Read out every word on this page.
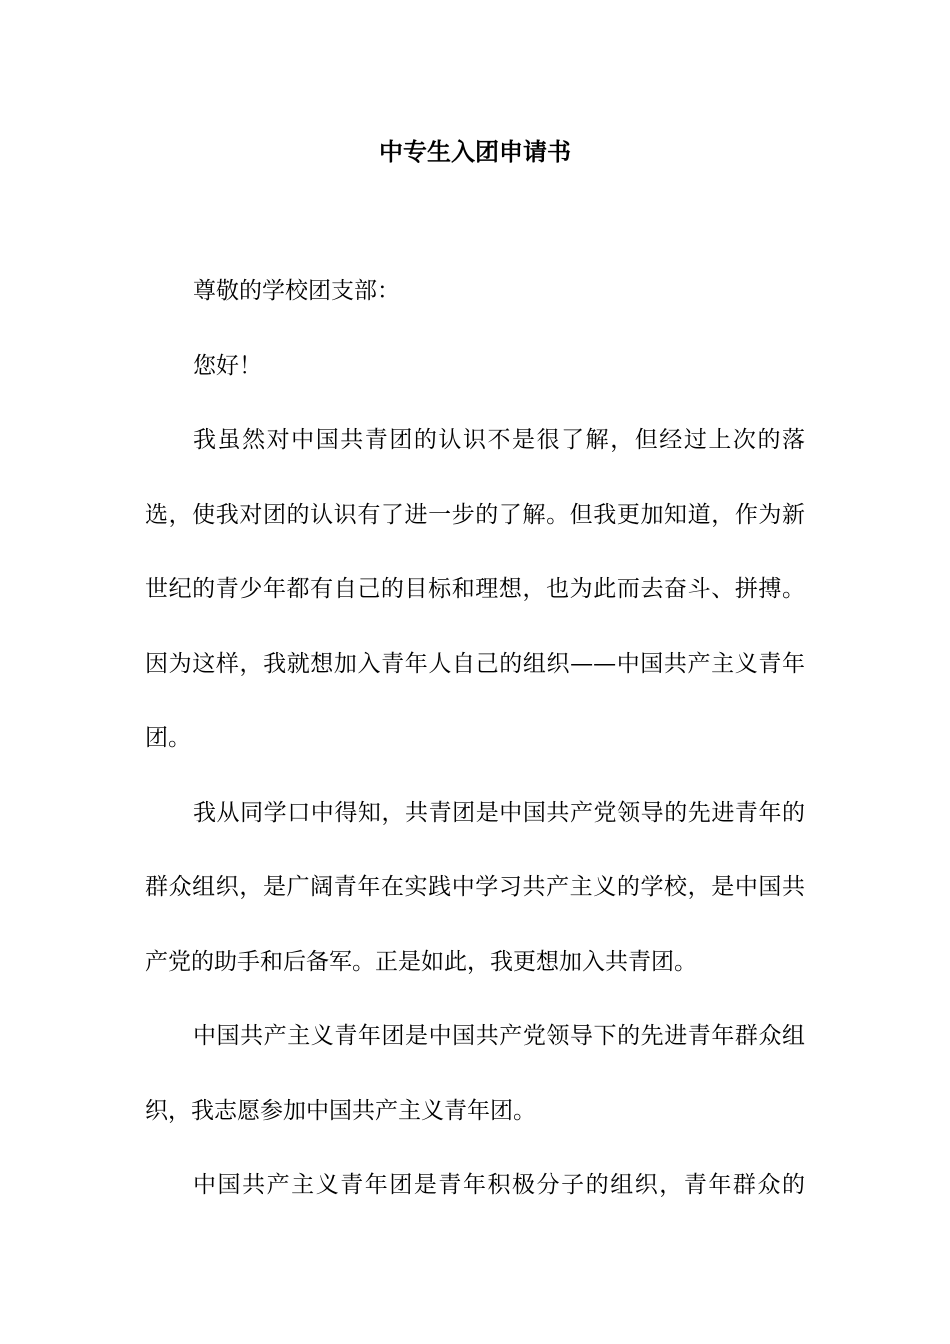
中专生入团申请书

尊敬的学校团支部：

您好！

我虽然对中国共青团的认识不是很了解，但经过上次的落选，使我对团的认识有了进一步的了解。但我更加知道，作为新世纪的青少年都有自己的目标和理想，也为此而去奋斗、拼搏。因为这样，我就想加入青年人自己的组织——中国共产主义青年团。

我从同学口中得知，共青团是中国共产党领导的先进青年的群众组织，是广阔青年在实践中学习共产主义的学校，是中国共产党的助手和后备军。正是如此，我更想加入共青团。

中国共产主义青年团是中国共产党领导下的先进青年群众组织，我志愿参加中国共产主义青年团。

中国共产主义青年团是青年积极分子的组织，青年群众的
